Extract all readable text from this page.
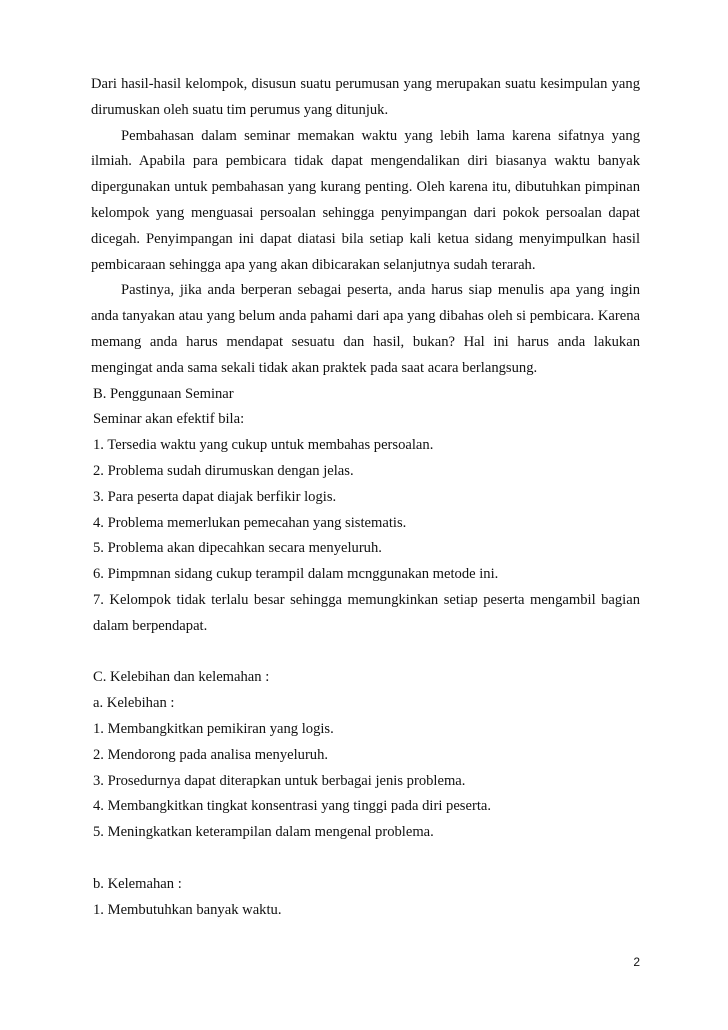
Dari hasil-hasil kelompok, disusun suatu perumusan yang merupakan suatu kesimpulan yang dirumuskan oleh suatu tim perumus yang ditunjuk.

Pembahasan dalam seminar memakan waktu yang lebih lama karena sifatnya yang ilmiah. Apabila para pembicara tidak dapat mengendalikan diri biasanya waktu banyak dipergunakan untuk pembahasan yang kurang penting. Oleh karena itu, dibutuhkan pimpinan kelompok yang menguasai persoalan sehingga penyimpangan dari pokok persoalan dapat dicegah. Penyimpangan ini dapat diatasi bila setiap kali ketua sidang menyimpulkan hasil pembicaraan sehingga apa yang akan dibicarakan selanjutnya sudah terarah.

Pastinya, jika anda berperan sebagai peserta, anda harus siap menulis apa yang ingin anda tanyakan atau yang belum anda pahami dari apa yang dibahas oleh si pembicara. Karena memang anda harus mendapat sesuatu dan hasil, bukan? Hal ini harus anda lakukan mengingat anda sama sekali tidak akan praktek pada saat acara berlangsung.

B. Penggunaan Seminar

Seminar akan efektif bila:

1. Tersedia waktu yang cukup untuk membahas persoalan.

2. Problema sudah dirumuskan dengan jelas.

3. Para peserta dapat diajak berfikir logis.

4. Problema memerlukan pemecahan yang sistematis.

5. Problema akan dipecahkan secara menyeluruh.

6. Pimpmnan sidang cukup terampil dalam mcnggunakan metode ini.

7. Kelompok tidak terlalu besar sehingga memungkinkan setiap peserta mengambil bagian dalam berpendapat.

C. Kelebihan dan kelemahan :

a. Kelebihan :

1. Membangkitkan pemikiran yang logis.

2. Mendorong pada analisa menyeluruh.

3. Prosedurnya dapat diterapkan untuk berbagai jenis problema.

4. Membangkitkan tingkat konsentrasi yang tinggi pada diri peserta.

5. Meningkatkan keterampilan dalam mengenal problema.

b. Kelemahan :

1. Membutuhkan banyak waktu.

2
